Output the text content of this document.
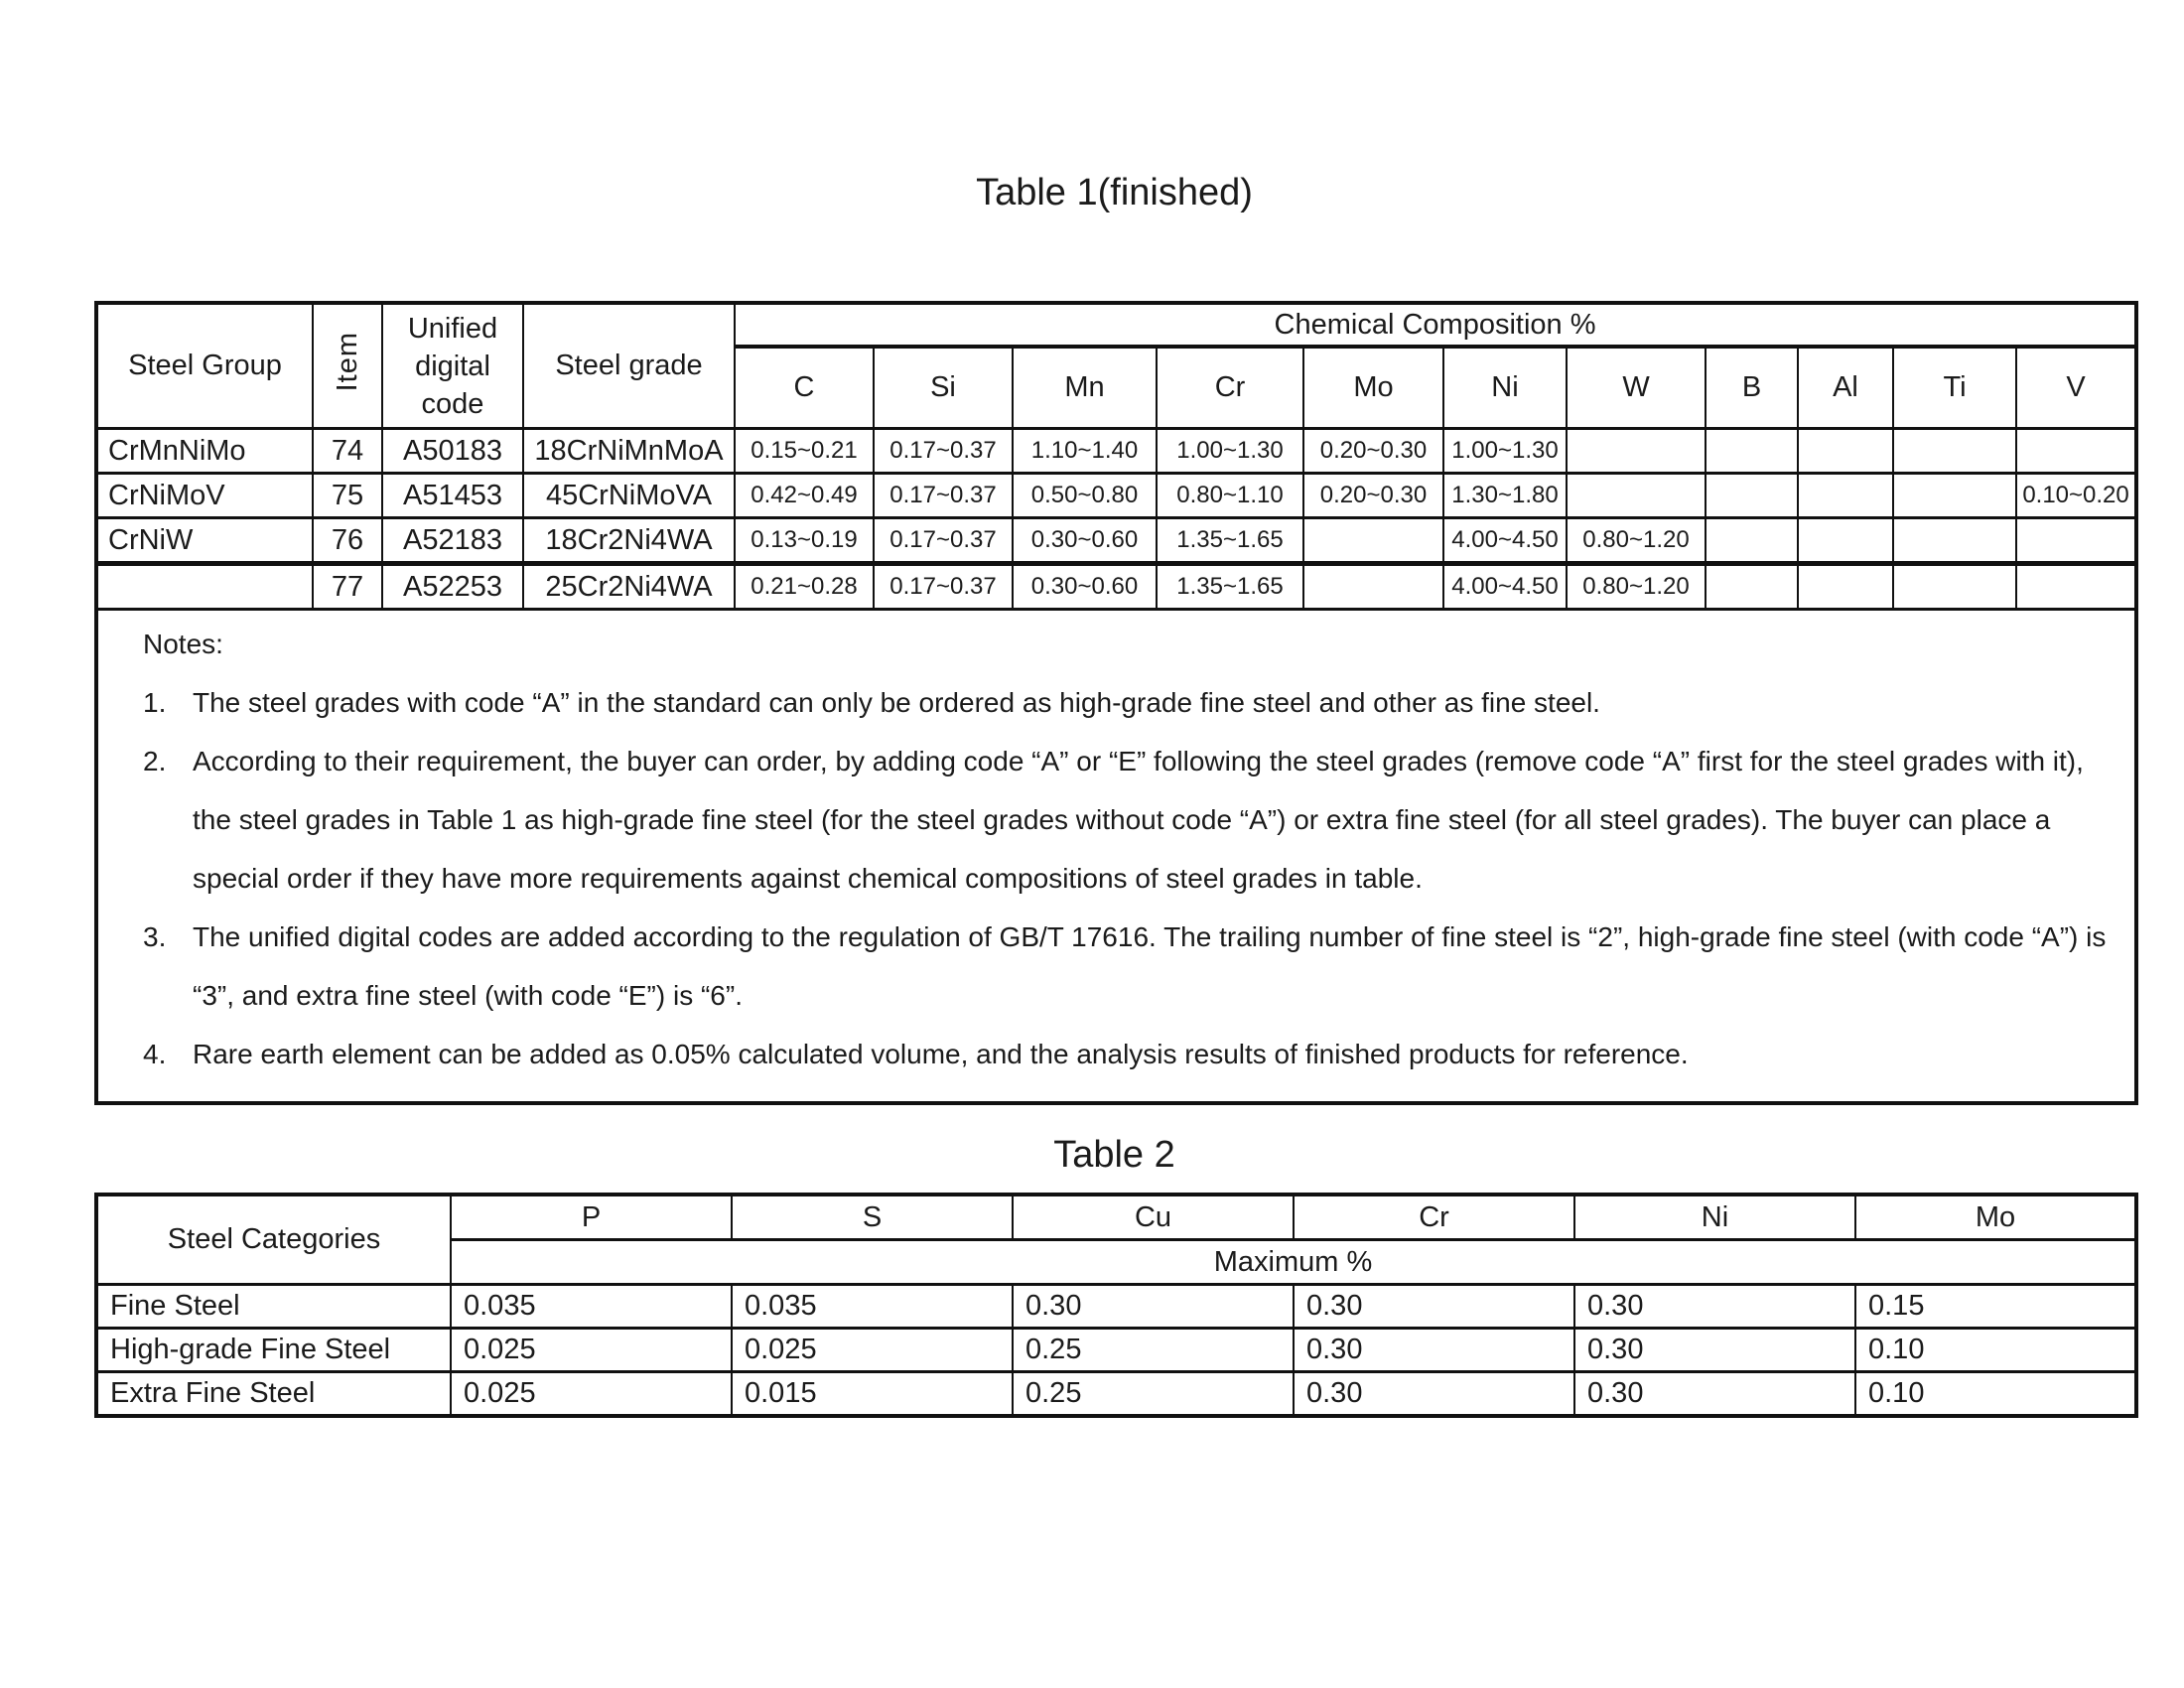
Table 1(finished)
Steel Group	Item	Unified digital code	Steel grade	Chemical Composition %										
				C	Si	Mn	Cr	Mo	Ni	W	B	Al	Ti	V
CrMnNiMo	74	A50183	18CrNiMnMoA	0.15~0.21	0.17~0.37	1.10~1.40	1.00~1.30	0.20~0.30	1.00~1.30					
CrNiMoV	75	A51453	45CrNiMoVA	0.42~0.49	0.17~0.37	0.50~0.80	0.80~1.10	0.20~0.30	1.30~1.80					0.10~0.20
CrNiW	76	A52183	18Cr2Ni4WA	0.13~0.19	0.17~0.37	0.30~0.60	1.35~1.65		4.00~4.50	0.80~1.20				
	77	A52253	25Cr2Ni4WA	0.21~0.28	0.17~0.37	0.30~0.60	1.35~1.65		4.00~4.50	0.80~1.20				

Notes:
1. The steel grades with code “A” in the standard can only be ordered as high-grade fine steel and other as fine steel.
2. According to their requirement, the buyer can order, by adding code “A” or “E” following the steel grades (remove code “A” first for the steel grades with it), the steel grades in Table 1 as high-grade fine steel (for the steel grades without code “A”) or extra fine steel (for all steel grades). The buyer can place a special order if they have more requirements against chemical compositions of steel grades in table.
3. The unified digital codes are added according to the regulation of GB/T 17616. The trailing number of fine steel is “2”, high-grade fine steel (with code “A”) is “3”, and extra fine steel (with code “E”) is “6”.
4. Rare earth element can be added as 0.05% calculated volume, and the analysis results of finished products for reference.
Table 2
Steel Categories	P	S	Cu	Cr	Ni	Mo
	Maximum %					
Fine Steel	0.035	0.035	0.30	0.30	0.30	0.15
High-grade Fine Steel	0.025	0.025	0.25	0.30	0.30	0.10
Extra Fine Steel	0.025	0.015	0.25	0.30	0.30	0.10
